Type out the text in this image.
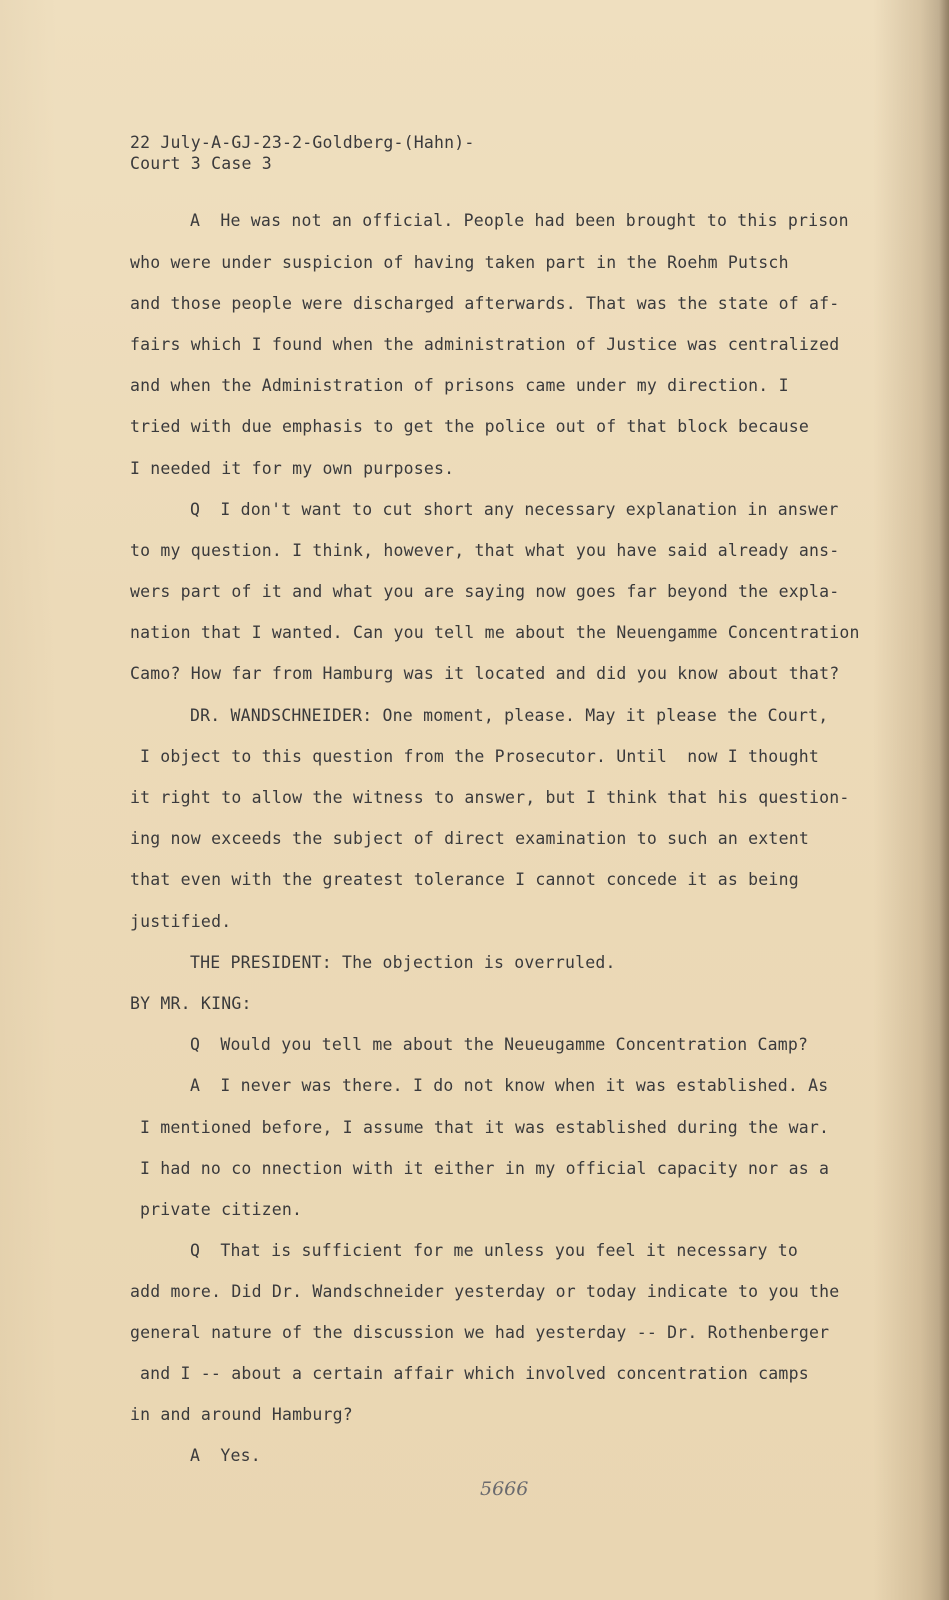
22 July-A-GJ-23-2-Goldberg-(Hahn)-
Court 3 Case 3
A  He was not an official. People had been brought to this prison
who were under suspicion of having taken part in the Roehm Putsch
and those people were discharged afterwards. That was the state of af-
fairs which I found when the administration of Justice was centralized
and when the Administration of prisons came under my direction. I
tried with due emphasis to get the police out of that block because
I needed it for my own purposes.
Q  I don't want to cut short any necessary explanation in answer
to my question. I think, however, that what you have said already ans-
wers part of it and what you are saying now goes far beyond the expla-
nation that I wanted. Can you tell me about the Neuengamme Concentration
Camo? How far from Hamburg was it located and did you know about that?
DR. WANDSCHNEIDER: One moment, please. May it please the Court,
I object to this question from the Prosecutor. Until  now I thought
it right to allow the witness to answer, but I think that his question-
ing now exceeds the subject of direct examination to such an extent
that even with the greatest tolerance I cannot concede it as being
justified.
THE PRESIDENT: The objection is overruled.
BY MR. KING:
Q  Would you tell me about the Neueugamme Concentration Camp?
A  I never was there. I do not know when it was established. As
I mentioned before, I assume that it was established during the war.
I had no co nnection with it either in my official capacity nor as a
private citizen.
Q  That is sufficient for me unless you feel it necessary to
add more. Did Dr. Wandschneider yesterday or today indicate to you the
general nature of the discussion we had yesterday -- Dr. Rothenberger
and I -- about a certain affair which involved concentration camps
in and around Hamburg?
A  Yes.
5666
